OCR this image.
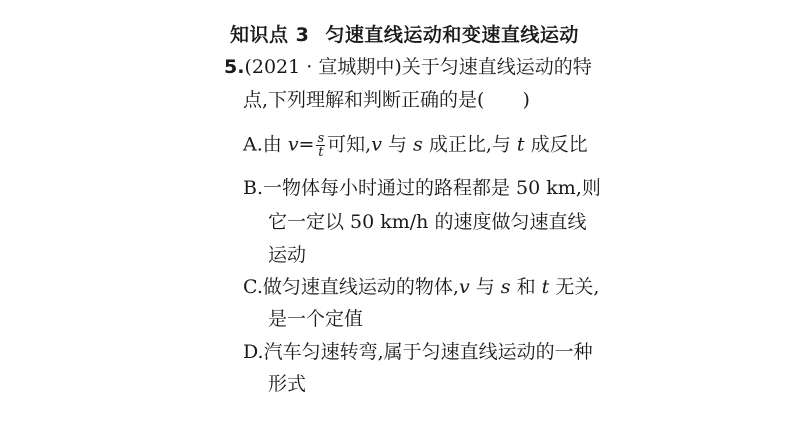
知识点 3 匀速直线运动和变速直线运动
5.(2021 · 宣城期中)关于匀速直线运动的特
点,下列理解和判断正确的是(　　)
A.由 $v= \frac{s}{t}$ 可知,v 与 s 成正比,与 t 成反比
B.一物体每小时通过的路程都是 50 km,则
它一定以 50 km/h 的速度做匀速直线
运动
C.做匀速直线运动的物体,v 与 s 和 t 无关,
是一个定值
D.汽车匀速转弯,属于匀速直线运动的一种
形式
